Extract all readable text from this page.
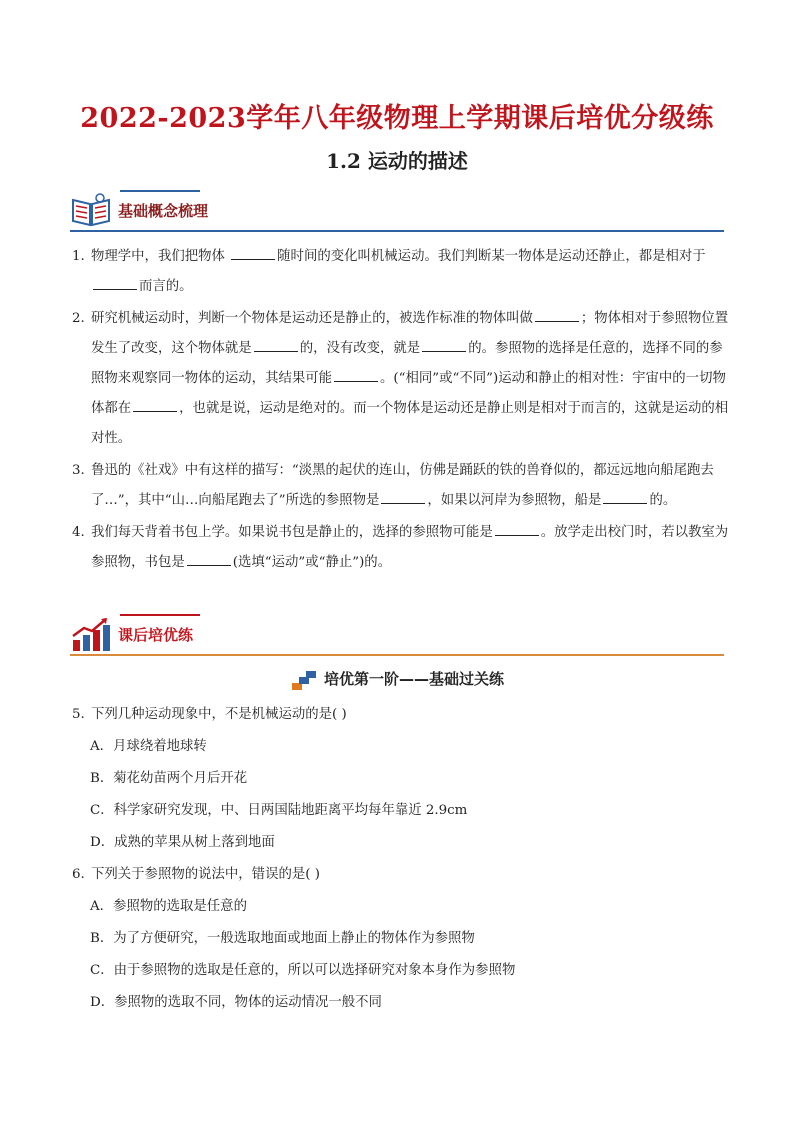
2022-2023学年八年级物理上学期课后培优分级练
1.2 运动的描述
基础概念梳理
1. 物理学中，我们把物体	随时间的变化叫机械运动。我们判断某一物体是运动还静止，都是相对于 而言的。
2. 研究机械运动时，判断一个物体是运动还是静止的，被选作标准的物体叫做	；物体相对于参照物位置发生了改变，这个物体就是	的，没有改变，就是	的。参照物的选择是任意的，选择不同的参照物来观察同一物体的运动，其结果可能	。(“相同”或“不同”)运动和静止的相对性：宇宙中的一切物体都在	，也就是说，运动是绝对的。而一个物体是运动还是静止则是相对于而言的，这就是运动的相对性。
3. 鲁迅的《社戏》中有这样的描写：“淡黑的起伏的连山，仿佛是踊跃的铁的兽脊似的，都远远地向船尾跑去了…”，其中“山…向船尾跑去了”所选的参照物是	，如果以河岸为参照物，船是	的。
4. 我们每天背着书包上学。如果说书包是静止的，选择的参照物可能是	。放学走出校门时，若以教室为参照物，书包是	(选填“运动”或“静止”)的。
课后培优练
培优第一阶——基础过关练
5. 下列几种运动现象中，不是机械运动的是( )
A．月球绕着地球转
B．菊花幼苗两个月后开花
C．科学家研究发现，中、日两国陆地距离平均每年靠近 2.9cm
D．成熟的苹果从树上落到地面
6. 下列关于参照物的说法中，错误的是( )
A．参照物的选取是任意的
B．为了方便研究，一般选取地面或地面上静止的物体作为参照物
C．由于参照物的选取是任意的，所以可以选择研究对象本身作为参照物
D．参照物的选取不同，物体的运动情况一般不同
